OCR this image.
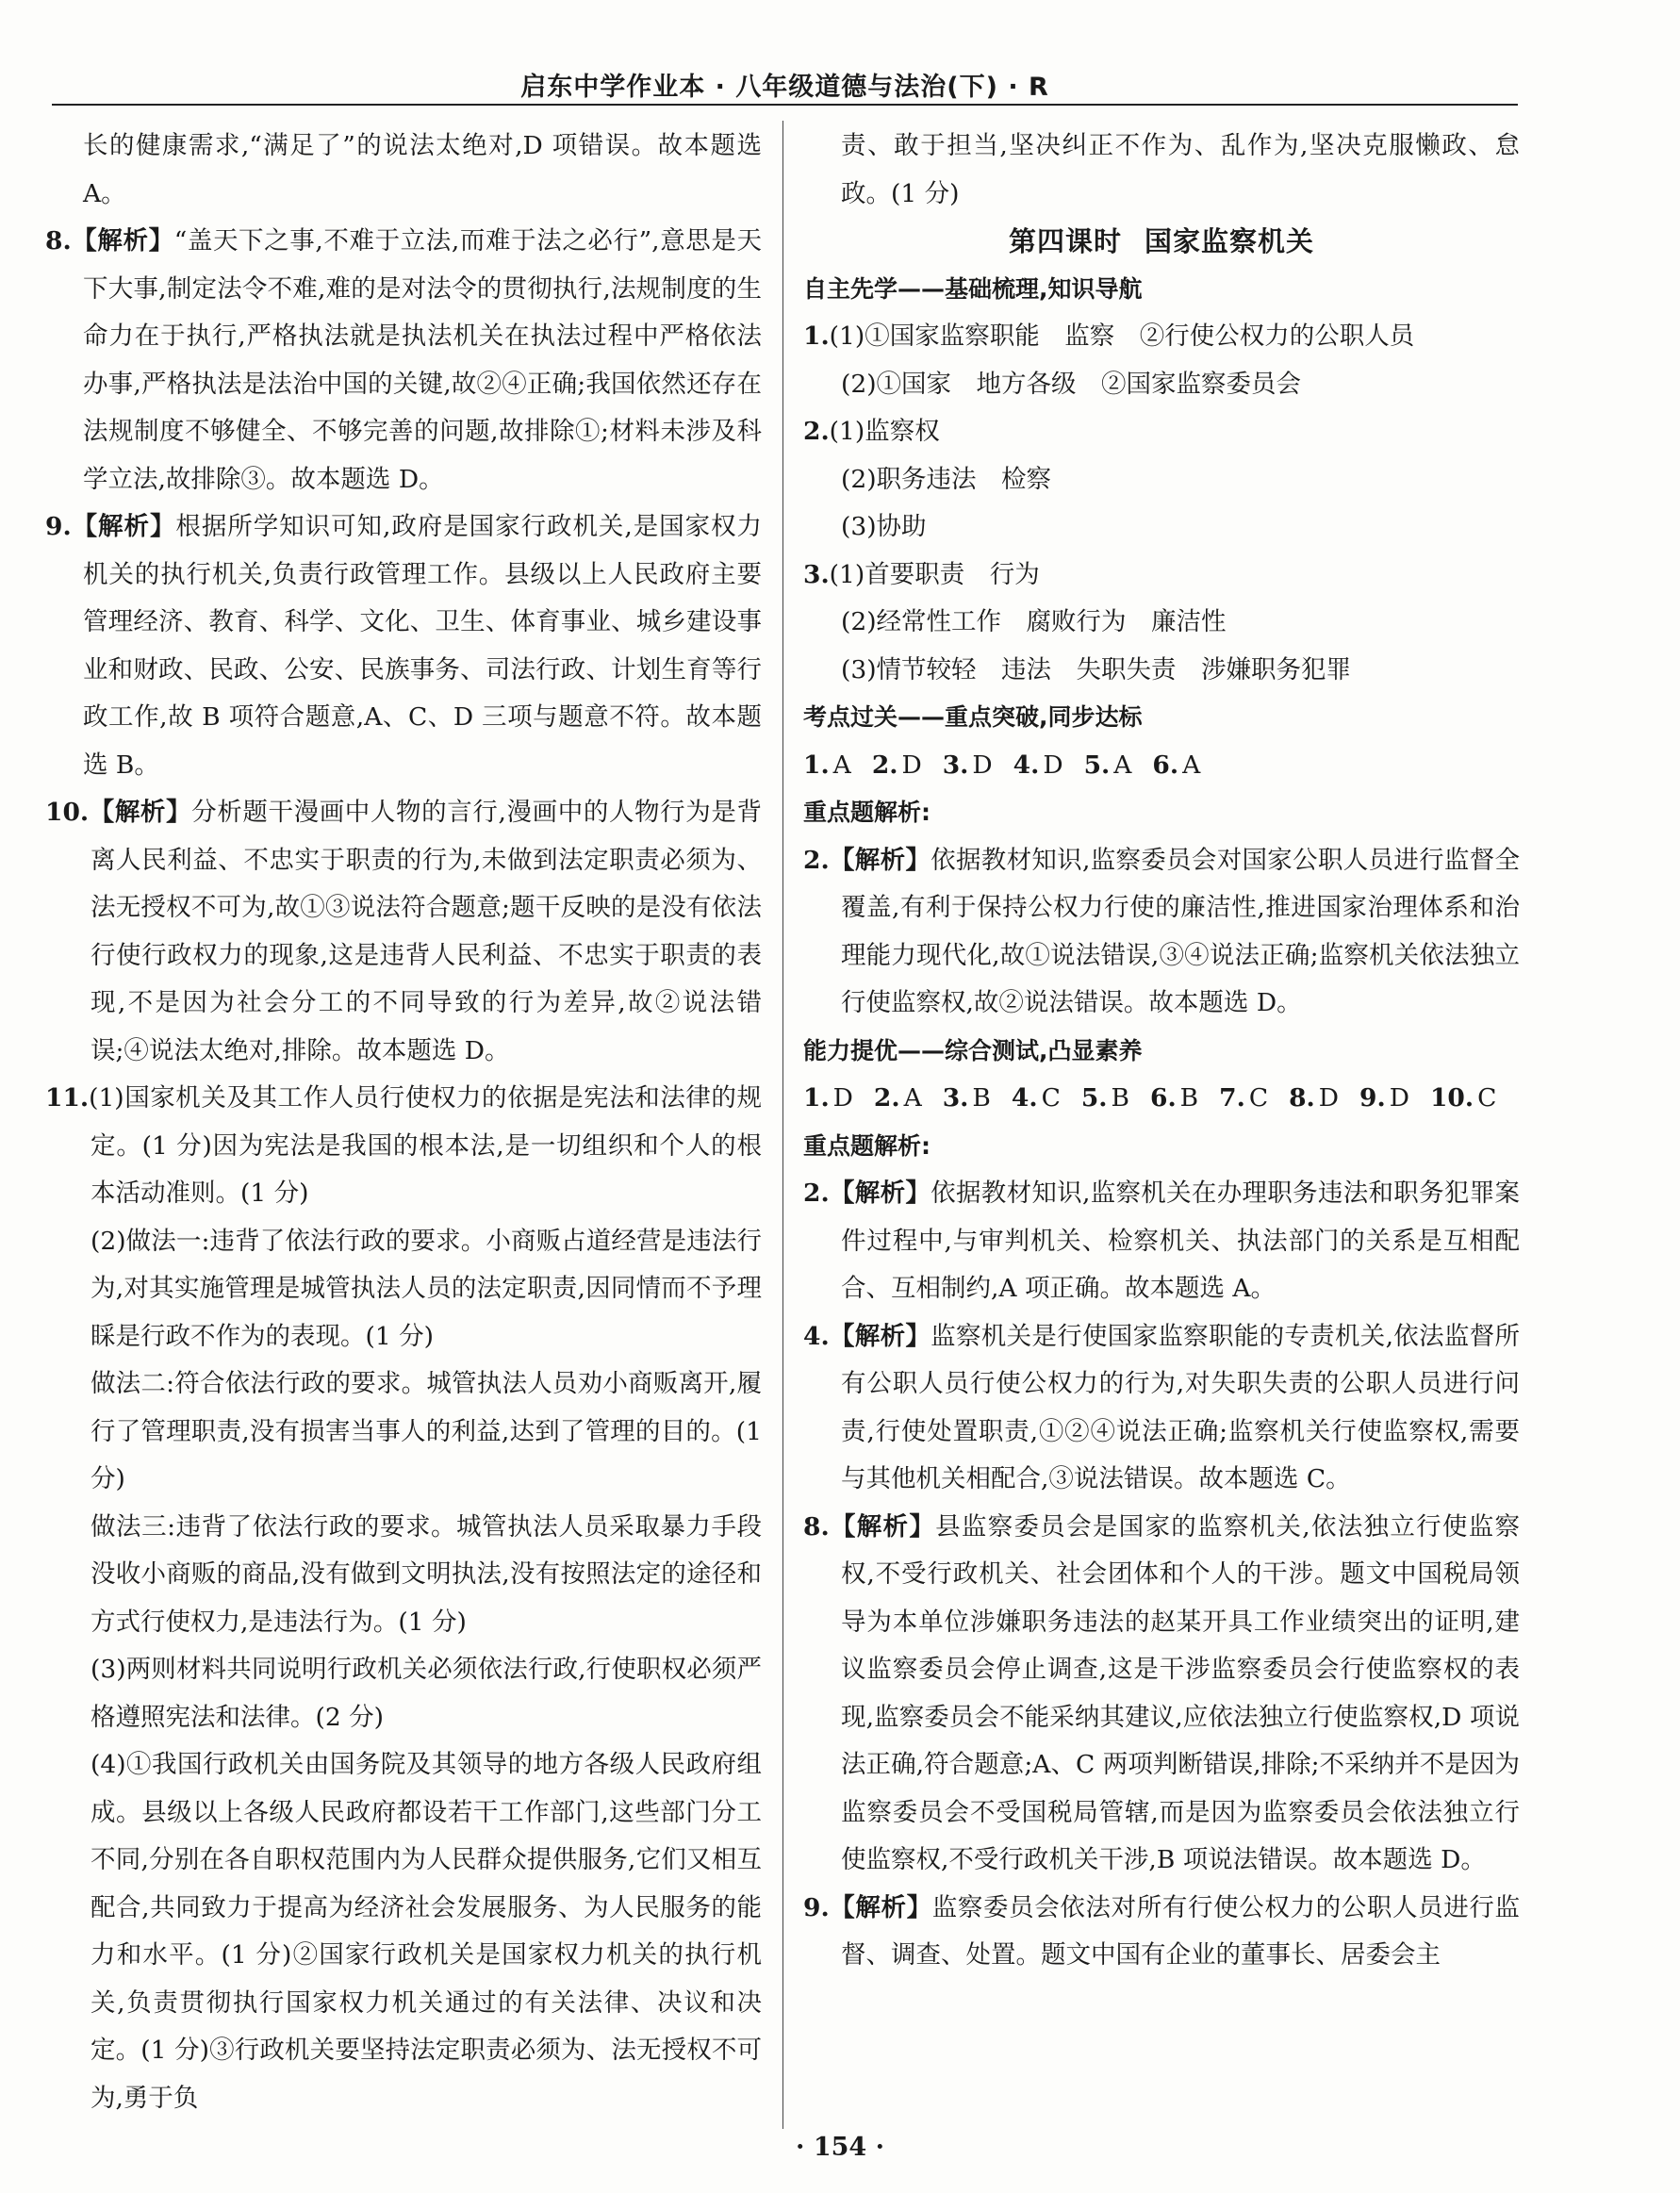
启东中学作业本 · 八年级道德与法治(下) · R

长的健康需求,“满足了”的说法太绝对,D 项错误。故本题选 A。

8.【解析】“盖天下之事,不难于立法,而难于法之必行”,意思是天下大事,制定法令不难,难的是对法令的贯彻执行,法规制度的生命力在于执行,严格执法就是执法机关在执法过程中严格依法办事,严格执法是法治中国的关键,故②④正确;我国依然还存在法规制度不够健全、不够完善的问题,故排除①;材料未涉及科学立法,故排除③。故本题选 D。

9.【解析】根据所学知识可知,政府是国家行政机关,是国家权力机关的执行机关,负责行政管理工作。县级以上人民政府主要管理经济、教育、科学、文化、卫生、体育事业、城乡建设事业和财政、民政、公安、民族事务、司法行政、计划生育等行政工作,故 B 项符合题意,A、C、D 三项与题意不符。故本题选 B。

10.【解析】分析题干漫画中人物的言行,漫画中的人物行为是背离人民利益、不忠实于职责的行为,未做到法定职责必须为、法无授权不可为,故①③说法符合题意;题干反映的是没有依法行使行政权力的现象,这是违背人民利益、不忠实于职责的表现,不是因为社会分工的不同导致的行为差异,故②说法错误;④说法太绝对,排除。故本题选 D。

11.(1)国家机关及其工作人员行使权力的依据是宪法和法律的规定。(1 分)因为宪法是我国的根本法,是一切组织和个人的根本活动准则。(1 分)

(2)做法一:违背了依法行政的要求。小商贩占道经营是违法行为,对其实施管理是城管执法人员的法定职责,因同情而不予理睬是行政不作为的表现。(1 分)

做法二:符合依法行政的要求。城管执法人员劝小商贩离开,履行了管理职责,没有损害当事人的利益,达到了管理的目的。(1 分)

做法三:违背了依法行政的要求。城管执法人员采取暴力手段没收小商贩的商品,没有做到文明执法,没有按照法定的途径和方式行使权力,是违法行为。(1 分)

(3)两则材料共同说明行政机关必须依法行政,行使职权必须严格遵照宪法和法律。(2 分)

(4)①我国行政机关由国务院及其领导的地方各级人民政府组成。县级以上各级人民政府都设若干工作部门,这些部门分工不同,分别在各自职权范围内为人民群众提供服务,它们又相互配合,共同致力于提高为经济社会发展服务、为人民服务的能力和水平。(1 分)②国家行政机关是国家权力机关的执行机关,负责贯彻执行国家权力机关通过的有关法律、决议和决定。(1 分)③行政机关要坚持法定职责必须为、法无授权不可为,勇于负

责、敢于担当,坚决纠正不作为、乱作为,坚决克服懒政、怠政。(1 分)

第四课时 国家监察机关

自主先学——基础梳理,知识导航

1.(1)①国家监察职能　监察　②行使公权力的公职人员

(2)①国家　地方各级　②国家监察委员会

2.(1)监察权

(2)职务违法　检察

(3)协助

3.(1)首要职责　行为

(2)经常性工作　腐败行为　廉洁性

(3)情节较轻　违法　失职失责　涉嫌职务犯罪

考点过关——重点突破,同步达标

1. A 2. D 3. D 4. D 5. A 6. A

重点题解析:

2.【解析】依据教材知识,监察委员会对国家公职人员进行监督全覆盖,有利于保持公权力行使的廉洁性,推进国家治理体系和治理能力现代化,故①说法错误,③④说法正确;监察机关依法独立行使监察权,故②说法错误。故本题选 D。

能力提优——综合测试,凸显素养

1. D 2. A 3. B 4. C 5. B 6. B 7. C 8. D 9. D 10. C

重点题解析:

2.【解析】依据教材知识,监察机关在办理职务违法和职务犯罪案件过程中,与审判机关、检察机关、执法部门的关系是互相配合、互相制约,A 项正确。故本题选 A。

4.【解析】监察机关是行使国家监察职能的专责机关,依法监督所有公职人员行使公权力的行为,对失职失责的公职人员进行问责,行使处置职责,①②④说法正确;监察机关行使监察权,需要与其他机关相配合,③说法错误。故本题选 C。

8.【解析】县监察委员会是国家的监察机关,依法独立行使监察权,不受行政机关、社会团体和个人的干涉。题文中国税局领导为本单位涉嫌职务违法的赵某开具工作业绩突出的证明,建议监察委员会停止调查,这是干涉监察委员会行使监察权的表现,监察委员会不能采纳其建议,应依法独立行使监察权,D 项说法正确,符合题意;A、C 两项判断错误,排除;不采纳并不是因为监察委员会不受国税局管辖,而是因为监察委员会依法独立行使监察权,不受行政机关干涉,B 项说法错误。故本题选 D。

9.【解析】监察委员会依法对所有行使公权力的公职人员进行监督、调查、处置。题文中国有企业的董事长、居委会主

· 154 ·
